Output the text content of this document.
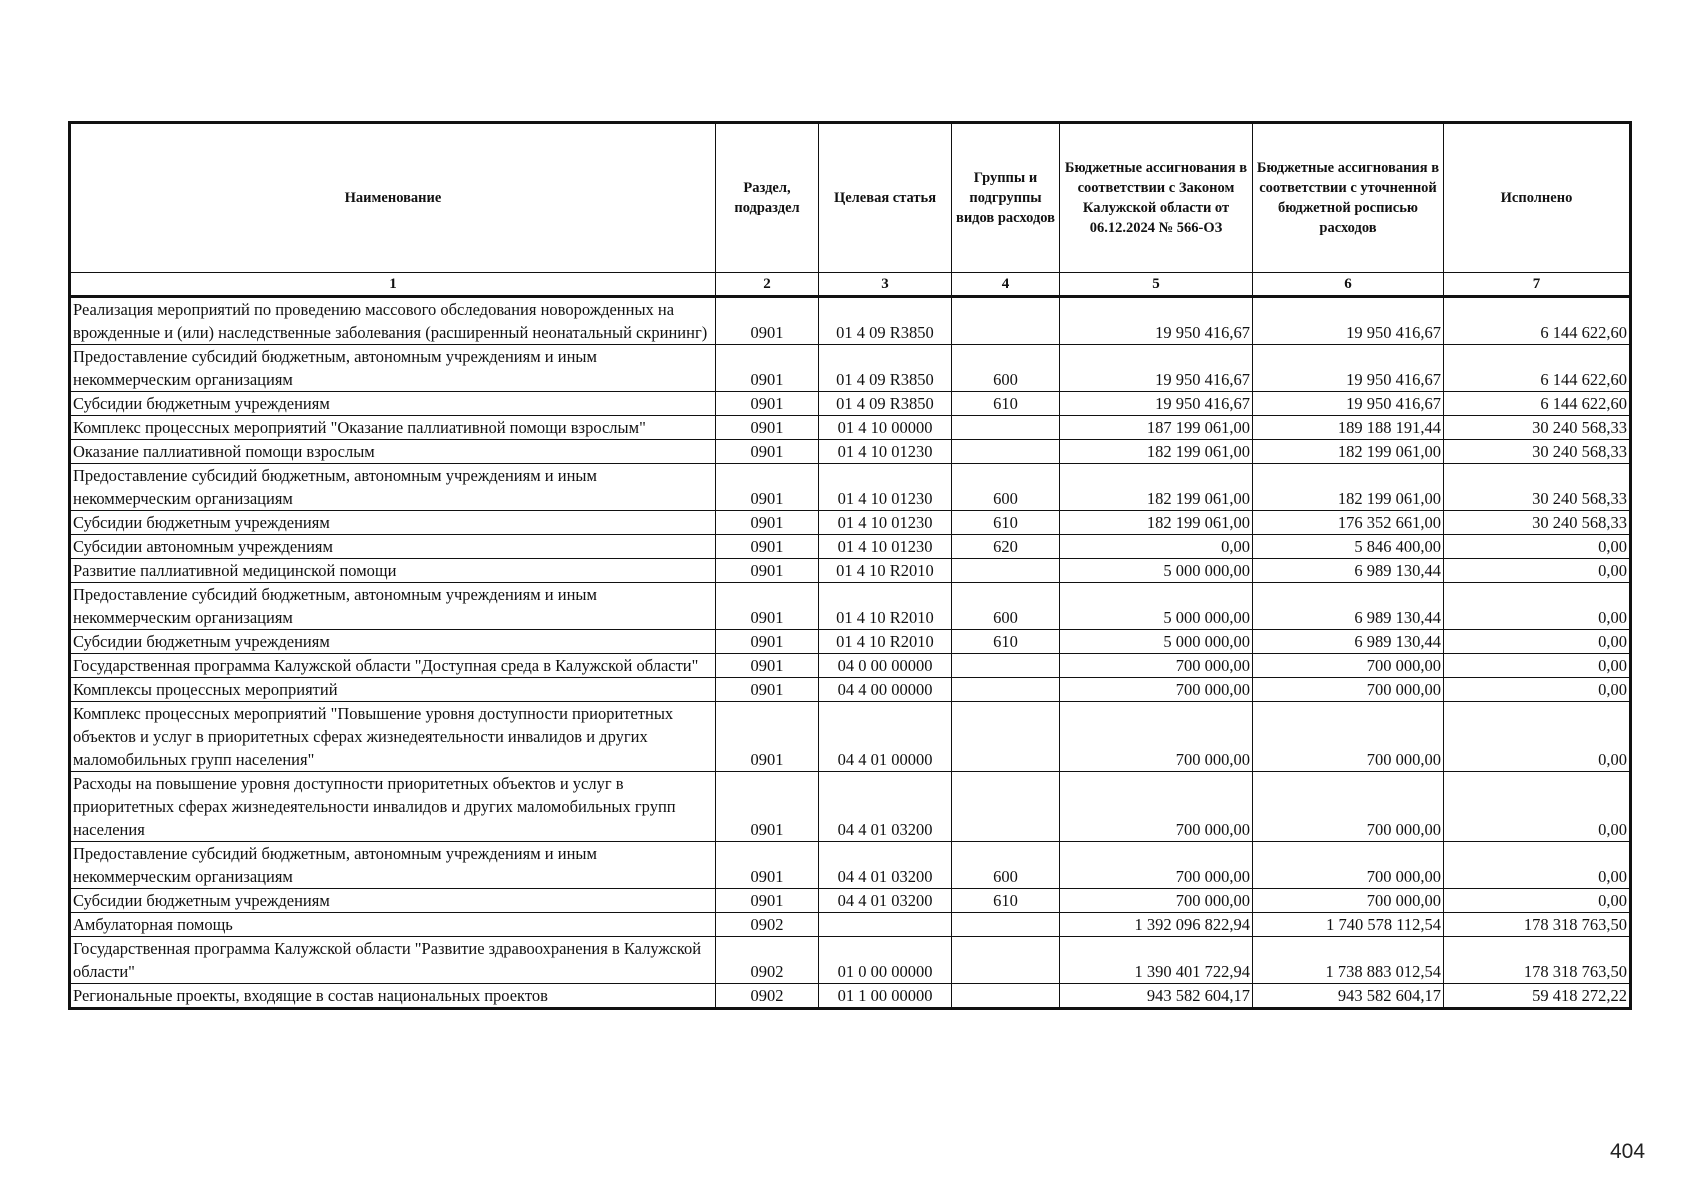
Наименование	Раздел, подраздел	Целевая статья	Группы и подгруппы видов расходов	Бюджетные ассигнования в соответствии с Законом Калужской области от 06.12.2024 № 566-ОЗ	Бюджетные ассигнования в соответствии с уточненной бюджетной росписью расходов	Исполнено
1	2	3	4	5	6	7
Реализация мероприятий по проведению массового обследования новорожденных на врожденные и (или) наследственные заболевания (расширенный неонатальный скрининг)	0901	01 4 09 R3850		19 950 416,67	19 950 416,67	6 144 622,60
Предоставление субсидий бюджетным, автономным учреждениям и иным некоммерческим организациям	0901	01 4 09 R3850	600	19 950 416,67	19 950 416,67	6 144 622,60
Субсидии бюджетным учреждениям	0901	01 4 09 R3850	610	19 950 416,67	19 950 416,67	6 144 622,60
Комплекс процессных мероприятий "Оказание паллиативной помощи взрослым"	0901	01 4 10 00000		187 199 061,00	189 188 191,44	30 240 568,33
Оказание паллиативной помощи взрослым	0901	01 4 10 01230		182 199 061,00	182 199 061,00	30 240 568,33
Предоставление субсидий бюджетным, автономным учреждениям и иным некоммерческим организациям	0901	01 4 10 01230	600	182 199 061,00	182 199 061,00	30 240 568,33
Субсидии бюджетным учреждениям	0901	01 4 10 01230	610	182 199 061,00	176 352 661,00	30 240 568,33
Субсидии автономным учреждениям	0901	01 4 10 01230	620	0,00	5 846 400,00	0,00
Развитие паллиативной медицинской помощи	0901	01 4 10 R2010		5 000 000,00	6 989 130,44	0,00
Предоставление субсидий бюджетным, автономным учреждениям и иным некоммерческим организациям	0901	01 4 10 R2010	600	5 000 000,00	6 989 130,44	0,00
Субсидии бюджетным учреждениям	0901	01 4 10 R2010	610	5 000 000,00	6 989 130,44	0,00
Государственная программа Калужской области "Доступная среда в Калужской области"	0901	04 0 00 00000		700 000,00	700 000,00	0,00
Комплексы процессных мероприятий	0901	04 4 00 00000		700 000,00	700 000,00	0,00
Комплекс процессных мероприятий "Повышение уровня доступности приоритетных объектов и услуг в приоритетных сферах жизнедеятельности инвалидов и других маломобильных групп населения"	0901	04 4 01 00000		700 000,00	700 000,00	0,00
Расходы на повышение уровня доступности приоритетных объектов и услуг в приоритетных сферах жизнедеятельности инвалидов и других маломобильных групп населения	0901	04 4 01 03200		700 000,00	700 000,00	0,00
Предоставление субсидий бюджетным, автономным учреждениям и иным некоммерческим организациям	0901	04 4 01 03200	600	700 000,00	700 000,00	0,00
Субсидии бюджетным учреждениям	0901	04 4 01 03200	610	700 000,00	700 000,00	0,00
Амбулаторная помощь	0902			1 392 096 822,94	1 740 578 112,54	178 318 763,50
Государственная программа Калужской области "Развитие здравоохранения в Калужской области"	0902	01 0 00 00000		1 390 401 722,94	1 738 883 012,54	178 318 763,50
Региональные проекты, входящие в состав национальных проектов	0902	01 1 00 00000		943 582 604,17	943 582 604,17	59 418 272,22
404
